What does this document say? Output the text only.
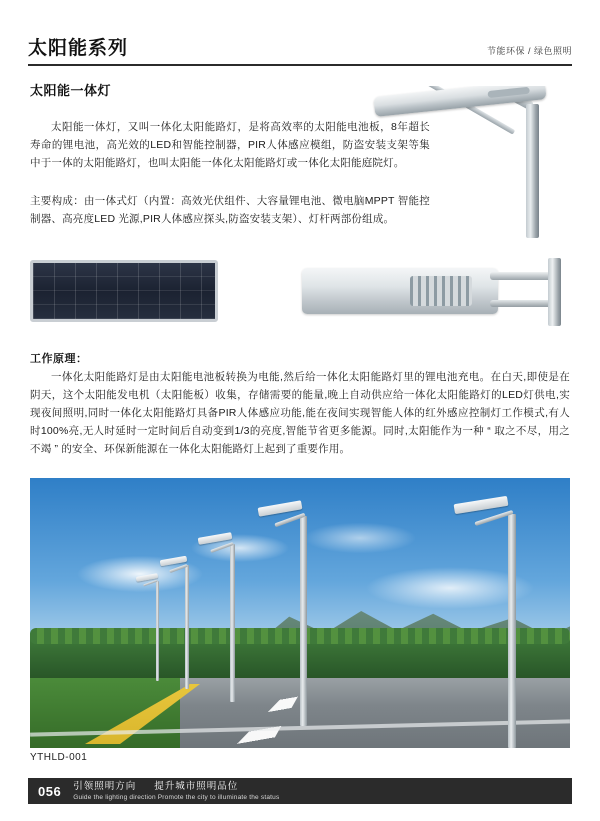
太阳能系列	节能环保 / 绿色照明
太阳能一体灯
太阳能一体灯，又叫一体化太阳能路灯，是将高效率的太阳能电池板，8年超长寿命的锂电池，高光效的LED和智能控制器，PIR人体感应模组，防盗安装支架等集中于一体的太阳能路灯，也叫太阳能一体化太阳能路灯或一体化太阳能庭院灯。
主要构成：由一体式灯（内置：高效光伏组件、大容量锂电池、微电脑MPPT 智能控制器、高亮度LED 光源,PIR人体感应探头,防盗安装支架）、灯杆两部份组成。
工作原理：
一体化太阳能路灯是由太阳能电池板转换为电能,然后给一体化太阳能路灯里的锂电池充电。在白天,即使是在阴天，这个太阳能发电机（太阳能板）收集，存储需要的能量,晚上自动供应给一体化太阳能路灯的LED灯供电,实现夜间照明,同时一体化太阳能路灯具备PIR人体感应功能,能在夜间实现智能人体的红外感应控制灯工作模式,有人时100%亮,无人时延时一定时间后自动变到1/3的亮度,智能节省更多能源。同时,太阳能作为一种 “ 取之不尽，用之不竭 ” 的安全、环保新能源在一体化太阳能路灯上起到了重要作用。
YTHLD-001
056	引领照明方向 提升城市照明品位
Guide the lighting direction Promote the city to illuminate the status
